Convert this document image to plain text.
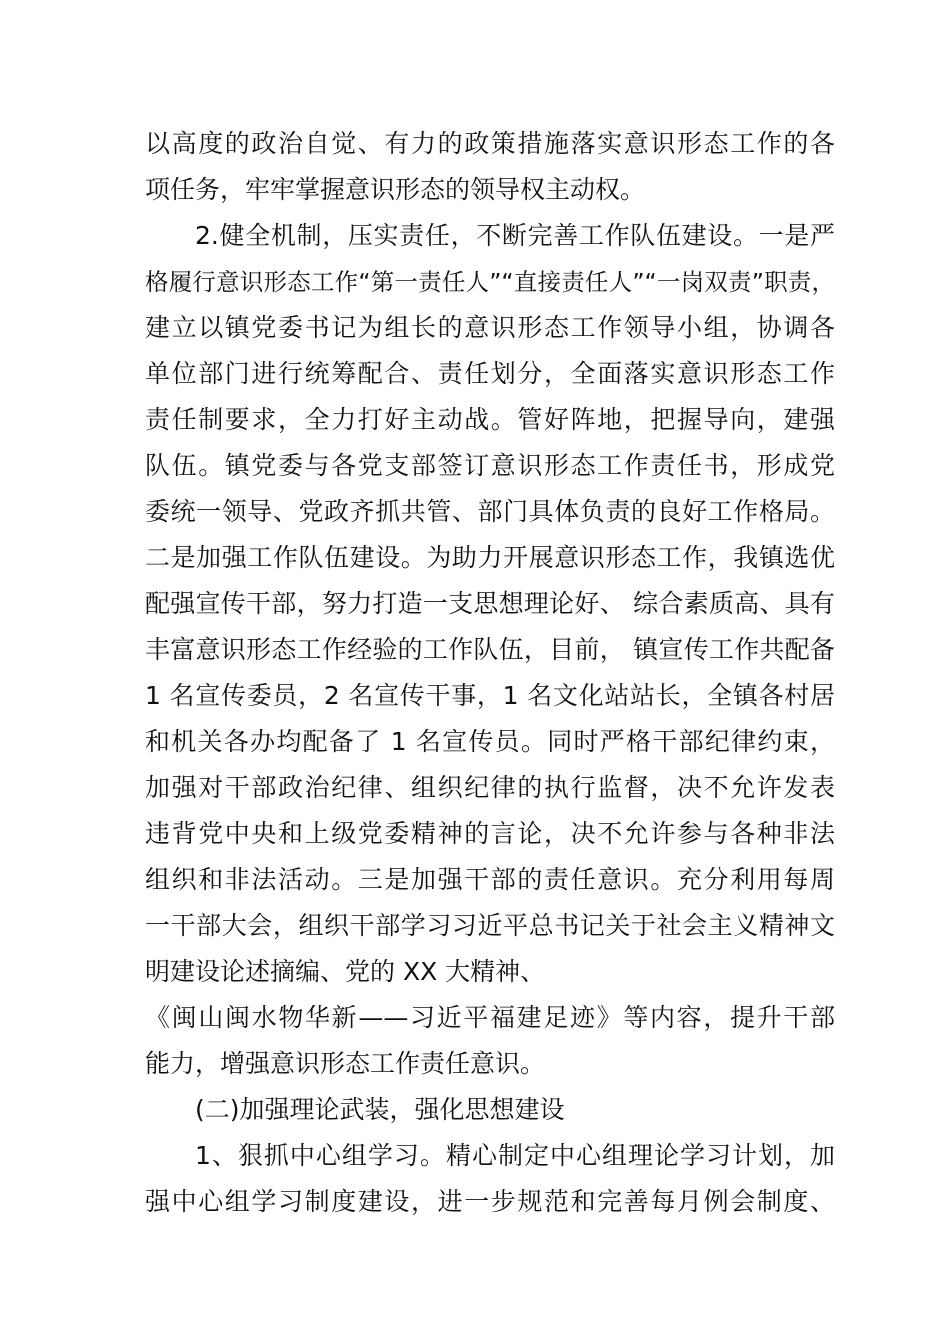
以高度的政治自觉、有力的政策措施落实意识形态工作的各
项任务，牢牢掌握意识形态的领导权主动权。
2.健全机制，压实责任，不断完善工作队伍建设。一是严
格履行意识形态工作“第一责任人”“直接责任人”“一岗双责”职责，
建立以镇党委书记为组长的意识形态工作领导小组，协调各
单位部门进行统筹配合、责任划分，全面落实意识形态工作
责任制要求，全力打好主动战。管好阵地，把握导向，建强
队伍。镇党委与各党支部签订意识形态工作责任书，形成党
委统一领导、党政齐抓共管、部门具体负责的良好工作格局。
二是加强工作队伍建设。为助力开展意识形态工作，我镇选优
配强宣传干部，努力打造一支思想理论好、 综合素质高、具有
丰富意识形态工作经验的工作队伍，目前， 镇宣传工作共配备
1 名宣传委员，2 名宣传干事，1 名文化站站长，全镇各村居
和机关各办均配备了 1 名宣传员。同时严格干部纪律约束，
加强对干部政治纪律、组织纪律的执行监督，决不允许发表
违背党中央和上级党委精神的言论，决不允许参与各种非法
组织和非法活动。三是加强干部的责任意识。充分利用每周
一干部大会，组织干部学习习近平总书记关于社会主义精神文
明建设论述摘编、党的 XX 大精神、
《闽山闽水物华新——习近平福建足迹》等内容，提升干部
能力，增强意识形态工作责任意识。
(二)加强理论武装，强化思想建设
1、狠抓中心组学习。精心制定中心组理论学习计划，加
强中心组学习制度建设，进一步规范和完善每月例会制度、
